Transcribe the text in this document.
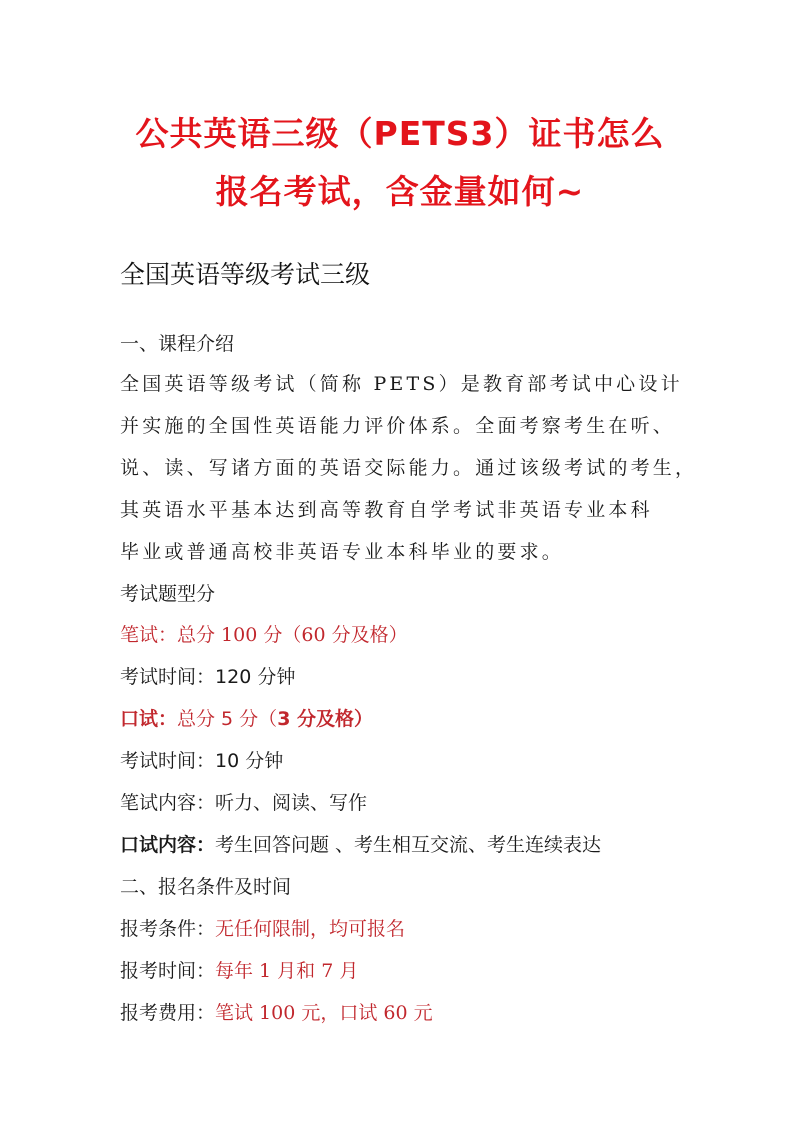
公共英语三级（PETS3）证书怎么
报名考试，含金量如何~
全国英语等级考试三级
一、课程介绍
全国英语等级考试（简称 PETS）是教育部考试中心设计
并实施的全国性英语能力评价体系。全面考察考生在听、
说、读、写诸方面的英语交际能力。通过该级考试的考生，
其英语水平基本达到高等教育自学考试非英语专业本科
毕业或普通高校非英语专业本科毕业的要求。
考试题型分
笔试：总分 100 分（60 分及格）
考试时间：120 分钟
口试：总分 5 分（3 分及格）
考试时间：10 分钟
笔试内容：听力、阅读、写作
口试内容：考生回答问题 、考生相互交流、考生连续表达
二、报名条件及时间
报考条件：无任何限制，均可报名
报考时间：每年 1 月和 7 月
报考费用：笔试 100 元，口试 60 元
